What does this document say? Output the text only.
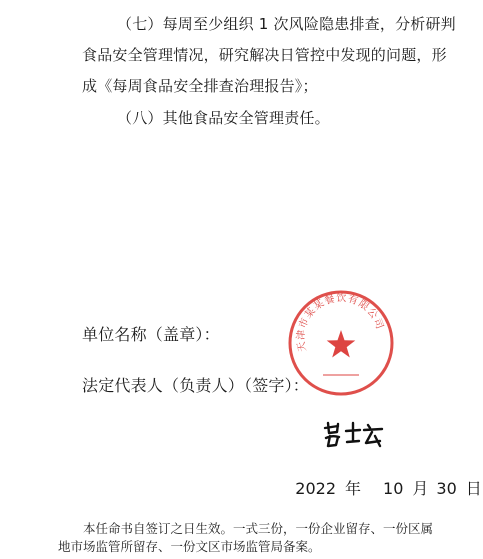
（七）每周至少组织 1 次风险隐患排查，分析研判
食品安全管理情况，研究解决日管控中发现的问题，形
成《每周食品安全排查治理报告》；
（八）其他食品安全管理责任。
单位名称（盖章）：
法定代表人（负责人）（签字）：
天津市某某餐饮有限公司
2022 年 10 月 30 日
本任命书自签订之日生效。一式三份，一份企业留存、一份区属
地市场监管所留存、一份文区市场监管局备案。
